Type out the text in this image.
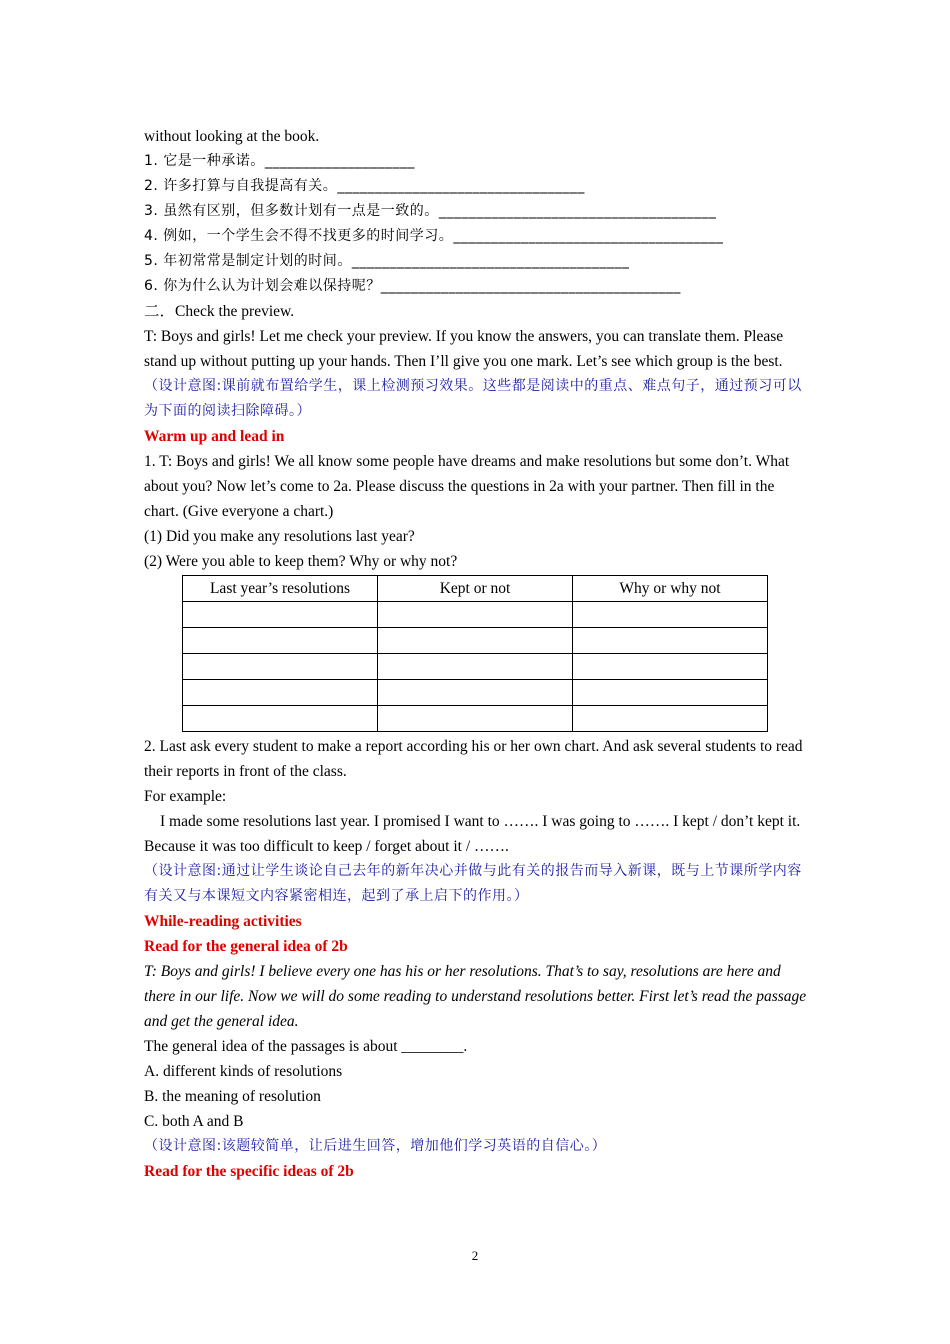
without looking at the book.
1. 它是一种承诺。____________________
2. 许多打算与自我提高有关。_________________________________
3. 虽然有区别，但多数计划有一点是一致的。_____________________________________
4. 例如，一个学生会不得不找更多的时间学习。____________________________________
5. 年初常常是制定计划的时间。_____________________________________
6. 你为什么认为计划会难以保持呢？________________________________________
二．Check the preview.
T: Boys and girls! Let me check your preview. If you know the answers, you can translate them. Please stand up without putting up your hands. Then I’ll give you one mark. Let’s see which group is the best.
（设计意图:课前就布置给学生，课上检测预习效果。这些都是阅读中的重点、难点句子，通过预习可以为下面的阅读扫除障碍。）
Warm up and lead in
1. T: Boys and girls! We all know some people have dreams and make resolutions but some don’t. What about you? Now let’s come to 2a. Please discuss the questions in 2a with your partner. Then fill in the chart. (Give everyone a chart.)
(1) Did you make any resolutions last year?
(2) Were you able to keep them? Why or why not?
Last year’s resolutions	Kept or not	Why or why not

2. Last ask every student to make a report according his or her own chart. And ask several students to read their reports in front of the class.
For example:
I made some resolutions last year. I promised I want to ……. I was going to ……. I kept / don’t kept it. Because it was too difficult to keep / forget about it / …….
（设计意图:通过让学生谈论自己去年的新年决心并做与此有关的报告而导入新课，既与上节课所学内容有关又与本课短文内容紧密相连，起到了承上启下的作用。）
While-reading activities
Read for the general idea of 2b
T: Boys and girls! I believe every one has his or her resolutions. That’s to say, resolutions are here and there in our life. Now we will do some reading to understand resolutions better. First let’s read the passage and get the general idea.
The general idea of the passages is about ________.
A. different kinds of resolutions
B. the meaning of resolution
C. both A and B
（设计意图:该题较简单，让后进生回答，增加他们学习英语的自信心。）
Read for the specific ideas of 2b
2
